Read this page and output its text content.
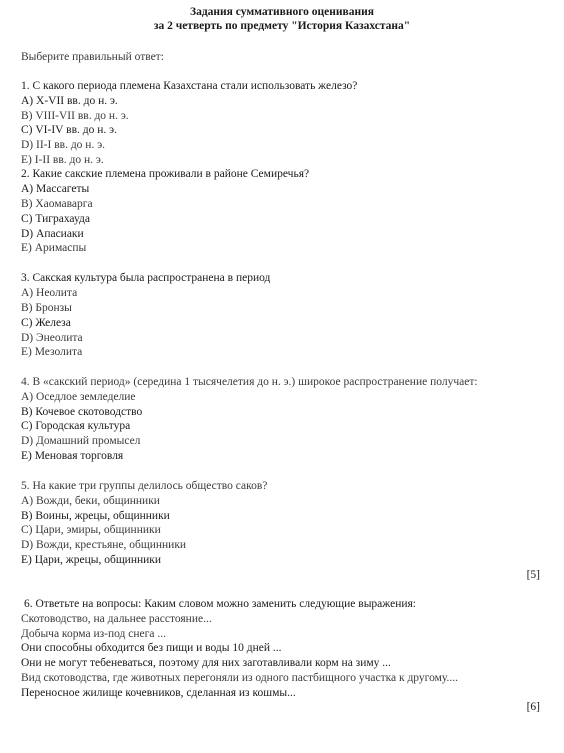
Задания суммативного оценивания
за 2 четверть по предмету "История Казахстана"
Выберите правильный ответ:
1. С какого периода племена Казахстана стали использовать железо?
А) Х-VII вв. до н. э.
В) VIII-VII вв. до н. э.
С) VI-IV вв. до н. э.
D) II-I вв. до н. э.
Е) I-II вв. до н. э.
2. Какие сакские племена проживали в районе Семиречья?
А) Массагеты
В) Хаомаварга
С) Тиграхауда
D) Апасиаки
Е) Аримаспы
3. Сакская культура была распространена в период
А) Неолита
В) Бронзы
С) Железа
D) Энеолита
Е) Мезолита
4. В «сакский период» (середина 1 тысячелетия до н. э.) широкое распространение получает:
А) Оседлое земледелие
В) Кочевое скотоводство
С) Городская культура
D) Домашний промысел
Е) Меновая торговля
5. На какие три группы делилось общество саков?
А) Вожди, беки, общинники
В) Воины, жрецы, общинники
С) Цари, эмиры, общинники
D) Вожди, крестьяне, общинники
Е) Цари, жрецы, общинники
[5]
6. Ответьте на вопросы: Каким словом можно заменить следующие выражения:
Скотоводство, на дальнее расстояние...
Добыча корма из-под снега ...
Они способны обходится без пищи и воды 10 дней ...
Они не могут тебеневаться, поэтому для них заготавливали корм на зиму ...
Вид скотоводства, где животных перегоняли из одного пастбищного участка к другому....
Переносное жилище кочевников, сделанная из кошмы...
[6]
